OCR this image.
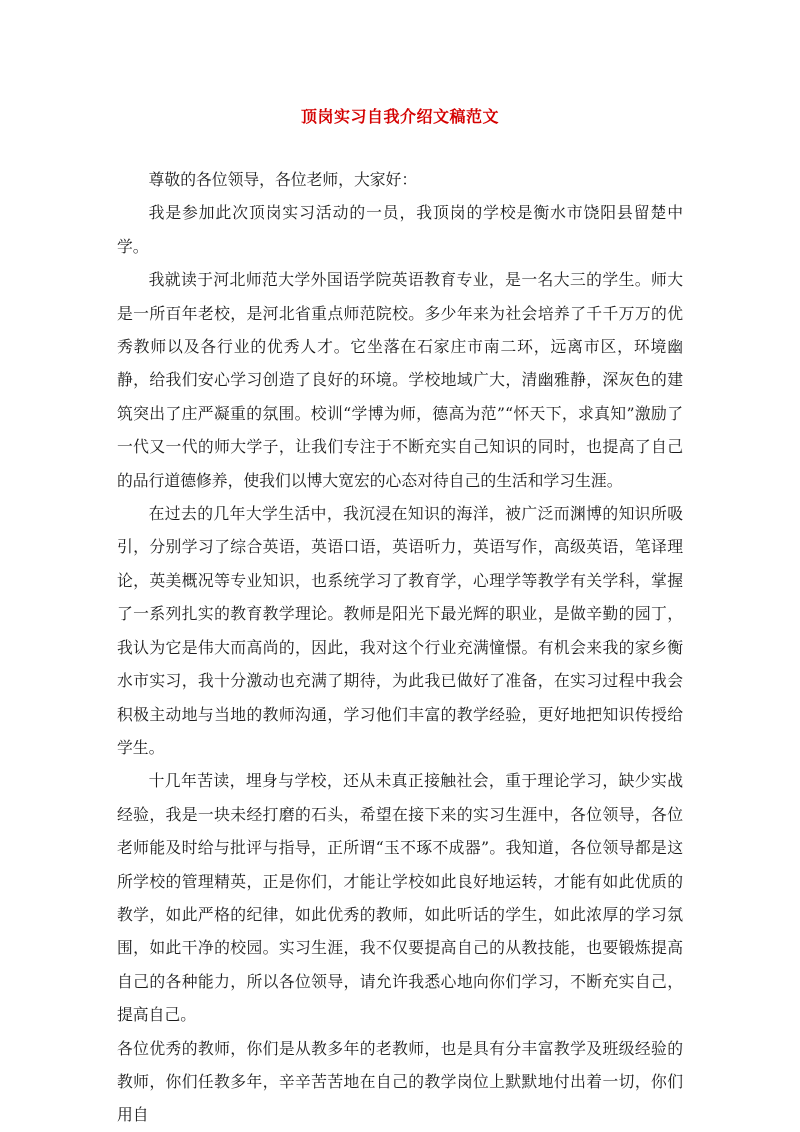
顶岗实习自我介绍文稿范文

尊敬的各位领导，各位老师，大家好：

我是参加此次顶岗实习活动的一员，我顶岗的学校是衡水市饶阳县留楚中学。

我就读于河北师范大学外国语学院英语教育专业，是一名大三的学生。师大是一所百年老校，是河北省重点师范院校。多少年来为社会培养了千千万万的优秀教师以及各行业的优秀人才。它坐落在石家庄市南二环，远离市区，环境幽静，给我们安心学习创造了良好的环境。学校地域广大，清幽雅静，深灰色的建筑突出了庄严凝重的氛围。校训“学博为师，德高为范”“怀天下，求真知”激励了一代又一代的师大学子，让我们专注于不断充实自己知识的同时，也提高了自己的品行道德修养，使我们以博大宽宏的心态对待自己的生活和学习生涯。

在过去的几年大学生活中，我沉浸在知识的海洋，被广泛而渊博的知识所吸引，分别学习了综合英语，英语口语，英语听力，英语写作，高级英语，笔译理论，英美概况等专业知识，也系统学习了教育学，心理学等教学有关学科，掌握了一系列扎实的教育教学理论。教师是阳光下最光辉的职业，是做辛勤的园丁，我认为它是伟大而高尚的，因此，我对这个行业充满憧憬。有机会来我的家乡衡水市实习，我十分激动也充满了期待，为此我已做好了准备，在实习过程中我会积极主动地与当地的教师沟通，学习他们丰富的教学经验，更好地把知识传授给学生。

十几年苦读，埋身与学校，还从未真正接触社会，重于理论学习，缺少实战经验，我是一块未经打磨的石头，希望在接下来的实习生涯中，各位领导，各位老师能及时给与批评与指导，正所谓“玉不琢不成器”。我知道，各位领导都是这所学校的管理精英，正是你们，才能让学校如此良好地运转，才能有如此优质的教学，如此严格的纪律，如此优秀的教师，如此听话的学生，如此浓厚的学习氛围，如此干净的校园。实习生涯，我不仅要提高自己的从教技能，也要锻炼提高自己的各种能力，所以各位领导，请允许我悉心地向你们学习，不断充实自己，提高自己。

各位优秀的教师，你们是从教多年的老教师，也是具有分丰富教学及班级经验的教师，你们任教多年，辛辛苦苦地在自己的教学岗位上默默地付出着一切，你们用自
